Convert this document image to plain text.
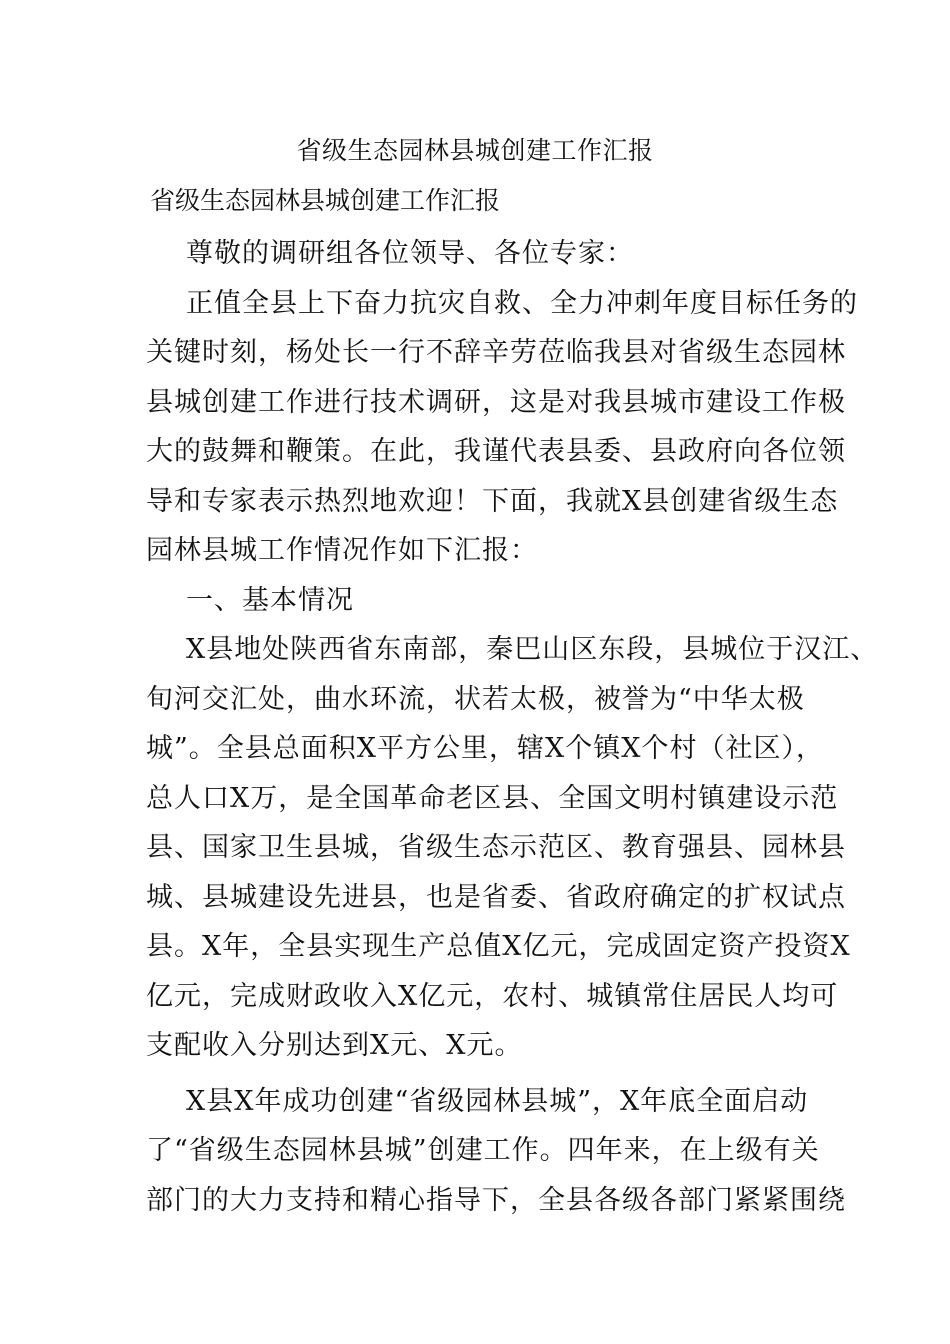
省级生态园林县城创建工作汇报
省级生态园林县城创建工作汇报
尊敬的调研组各位领导、各位专家：
正值全县上下奋力抗灾自救、全力冲刺年度目标任务的
关键时刻，杨处长一行不辞辛劳莅临我县对省级生态园林
县城创建工作进行技术调研，这是对我县城市建设工作极
大的鼓舞和鞭策。在此，我谨代表县委、县政府向各位领
导和专家表示热烈地欢迎！下面，我就X县创建省级生态
园林县城工作情况作如下汇报：
一、基本情况
X县地处陕西省东南部，秦巴山区东段，县城位于汉江、
旬河交汇处，曲水环流，状若太极，被誉为“中华太极
城”。全县总面积X平方公里，辖X个镇X个村（社区），
总人口X万，是全国革命老区县、全国文明村镇建设示范
县、国家卫生县城，省级生态示范区、教育强县、园林县
城、县城建设先进县，也是省委、省政府确定的扩权试点
县。X年，全县实现生产总值X亿元，完成固定资产投资X
亿元，完成财政收入X亿元，农村、城镇常住居民人均可
支配收入分别达到X元、X元。
X县X年成功创建“省级园林县城”，X年底全面启动
了“省级生态园林县城”创建工作。四年来，在上级有关
部门的大力支持和精心指导下，全县各级各部门紧紧围绕
